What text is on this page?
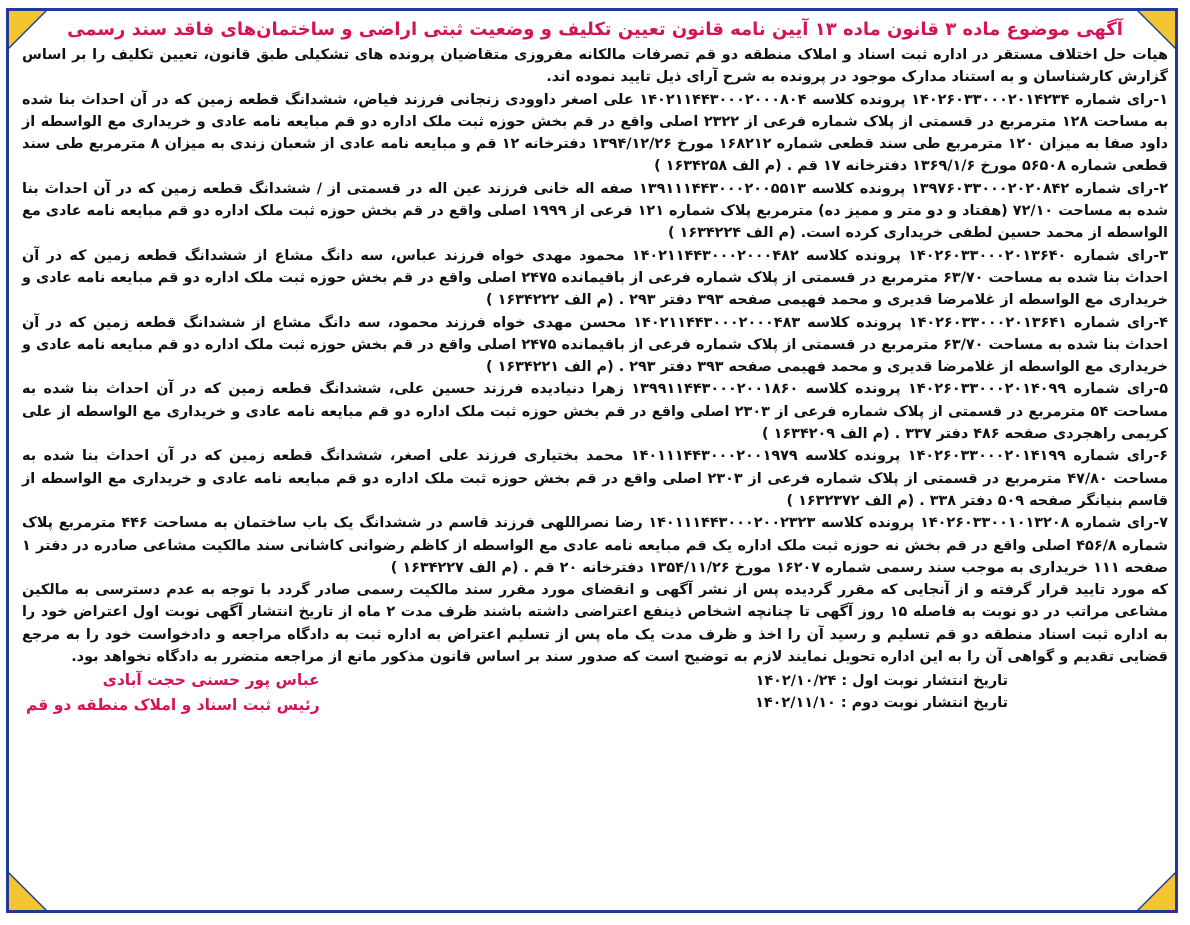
آگهی موضوع ماده ۳ قانون ماده ۱۳ آیین نامه قانون تعیین تکلیف و وضعیت ثبتی اراضی و ساختمان‌های فاقد سند رسمی

هیات حل اختلاف مستقر در اداره ثبت اسناد و املاک منطقه دو قم تصرفات مالکانه مفروزی متقاضیان پرونده های تشکیلی طبق قانون، تعیین تکلیف را بر اساس گزارش کارشناسان و به استناد مدارک موجود در پرونده به شرح آرای ذیل تایید نموده اند.

۱-رای شماره ۱۴۰۲۶۰۳۳۰۰۰۲۰۱۴۲۳۴ پرونده کلاسه ۱۴۰۲۱۱۴۴۳۰۰۰۲۰۰۰۸۰۴ علی اصغر داوودی زنجانی فرزند فیاض، ششدانگ قطعه زمین که در آن احداث بنا شده به مساحت ۱۲۸ مترمربع در قسمتی از پلاک شماره فرعی از ۲۳۲۲ اصلی واقع در قم بخش حوزه ثبت ملک اداره دو قم مبایعه نامه عادی و خریداری مع الواسطه از داود صفا به میزان ۱۲۰ مترمربع طی سند قطعی شماره ۱۶۸۲۱۲ مورخ ۱۳۹۴/۱۲/۲۶ دفترخانه ۱۲ قم و مبایعه نامه عادی از شعبان زندی به میزان ۸ مترمربع طی سند قطعی شماره ۵۶۵۰۸ مورخ ۱۳۶۹/۱/۶ دفترخانه ۱۷ قم . (م الف ۱۶۳۴۲۵۸ )

۲-رای شماره ۱۳۹۷۶۰۳۳۰۰۰۲۰۲۰۸۴۲ پرونده کلاسه ۱۳۹۱۱۱۴۴۳۰۰۰۲۰۰۵۵۱۳ صفه اله خانی فرزند عین اله در قسمتی از / ششدانگ قطعه زمین که در آن احداث بنا شده به مساحت ۷۲/۱۰ (هفتاد و دو متر و ممیز ده) مترمربع پلاک شماره ۱۲۱ فرعی از ۱۹۹۹ اصلی واقع در قم بخش حوزه ثبت ملک اداره دو قم مبایعه نامه عادی مع الواسطه از محمد حسین لطفی خریداری کرده است. (م الف ۱۶۳۴۲۲۴ )

۳-رای شماره ۱۴۰۲۶۰۳۳۰۰۰۲۰۱۳۶۴۰ پرونده کلاسه ۱۴۰۲۱۱۴۴۳۰۰۰۲۰۰۰۴۸۲ محمود مهدی خواه فرزند عباس، سه دانگ مشاع از ششدانگ قطعه زمین که در آن احداث بنا شده به مساحت ۶۳/۷۰ مترمربع در قسمتی از پلاک شماره فرعی از باقیمانده ۲۴۷۵ اصلی واقع در قم بخش حوزه ثبت ملک اداره دو قم مبایعه نامه عادی و خریداری مع الواسطه از غلامرضا قدیری و محمد فهیمی صفحه ۳۹۳ دفتر ۲۹۳ . (م الف ۱۶۳۴۲۲۲ )

۴-رای شماره ۱۴۰۲۶۰۳۳۰۰۰۲۰۱۳۶۴۱ پرونده کلاسه ۱۴۰۲۱۱۴۴۳۰۰۰۲۰۰۰۴۸۳ محسن مهدی خواه فرزند محمود، سه دانگ مشاع از ششدانگ قطعه زمین که در آن احداث بنا شده به مساحت ۶۳/۷۰ مترمربع در قسمتی از پلاک شماره فرعی از باقیمانده ۲۴۷۵ اصلی واقع در قم بخش حوزه ثبت ملک اداره دو قم مبایعه نامه عادی و خریداری مع الواسطه از غلامرضا قدیری و محمد فهیمی صفحه ۳۹۳ دفتر ۲۹۳ . (م الف ۱۶۳۴۲۲۱ )

۵-رای شماره ۱۴۰۲۶۰۳۳۰۰۰۲۰۱۴۰۹۹ پرونده کلاسه ۱۳۹۹۱۱۴۴۳۰۰۰۲۰۰۱۸۶۰ زهرا دنیادیده فرزند حسین علی، ششدانگ قطعه زمین که در آن احداث بنا شده به مساحت ۵۴ مترمربع در قسمتی از پلاک شماره فرعی از ۲۳۰۳ اصلی واقع در قم بخش حوزه ثبت ملک اداره دو قم مبایعه نامه عادی و خریداری مع الواسطه از علی کریمی راهجردی صفحه ۴۸۶ دفتر ۳۳۷ . (م الف ۱۶۳۴۲۰۹ )

۶-رای شماره ۱۴۰۲۶۰۳۳۰۰۰۲۰۱۴۱۹۹ پرونده کلاسه ۱۴۰۱۱۱۴۴۳۰۰۰۲۰۰۱۹۷۹ محمد بختیاری فرزند علی اصغر، ششدانگ قطعه زمین که در آن احداث بنا شده به مساحت ۴۷/۸۰ مترمربع در قسمتی از پلاک شماره فرعی از ۲۳۰۳ اصلی واقع در قم بخش حوزه ثبت ملک اداره دو قم مبایعه نامه عادی و خریداری مع الواسطه از قاسم بنیانگر صفحه ۵۰۹ دفتر ۳۳۸ . (م الف ۱۶۳۲۳۷۲ )

۷-رای شماره ۱۴۰۲۶۰۳۳۰۰۱۰۱۳۲۰۸ پرونده کلاسه ۱۴۰۱۱۱۴۴۳۰۰۰۲۰۰۲۳۲۳ رضا نصراللهی فرزند قاسم در ششدانگ یک باب ساختمان به مساحت ۴۴۶ مترمربع پلاک شماره ۴۵۶/۸ اصلی واقع در قم بخش نه حوزه ثبت ملک اداره یک قم مبایعه نامه عادی مع الواسطه از کاظم رضوانی کاشانی سند مالکیت مشاعی صادره در دفتر ۱ صفحه ۱۱۱ خریداری به موجب سند رسمی شماره ۱۶۲۰۷ مورخ ۱۳۵۴/۱۱/۲۶ دفترخانه ۲۰ قم . (م الف ۱۶۳۴۲۲۷ )

که مورد تایید قرار گرفته و از آنجایی که مقرر گردیده پس از نشر آگهی و انقضای مورد مقرر سند مالکیت رسمی صادر گردد با توجه به عدم دسترسی به مالکین مشاعی مراتب در دو نوبت به فاصله ۱۵ روز آگهی تا چنانچه اشخاص ذینفع اعتراضی داشته باشند ظرف مدت ۲ ماه از تاریخ انتشار آگهی نوبت اول اعتراض خود را به اداره ثبت اسناد منطقه دو قم تسلیم و رسید آن را اخذ و ظرف مدت یک ماه پس از تسلیم اعتراض به اداره ثبت به دادگاه مراجعه و دادخواست خود را به مرجع قضایی تقدیم و گواهی آن را به این اداره تحویل نمایند لازم به توضیح است که صدور سند بر اساس قانون مذکور مانع از مراجعه متضرر به دادگاه نخواهد بود.

تاریخ انتشار نوبت اول : ۱۴۰۲/۱۰/۲۴
تاریخ انتشار نوبت دوم : ۱۴۰۲/۱۱/۱۰
عباس پور حسنی حجت آبادی
رئیس ثبت اسناد و املاک منطقه دو قم
